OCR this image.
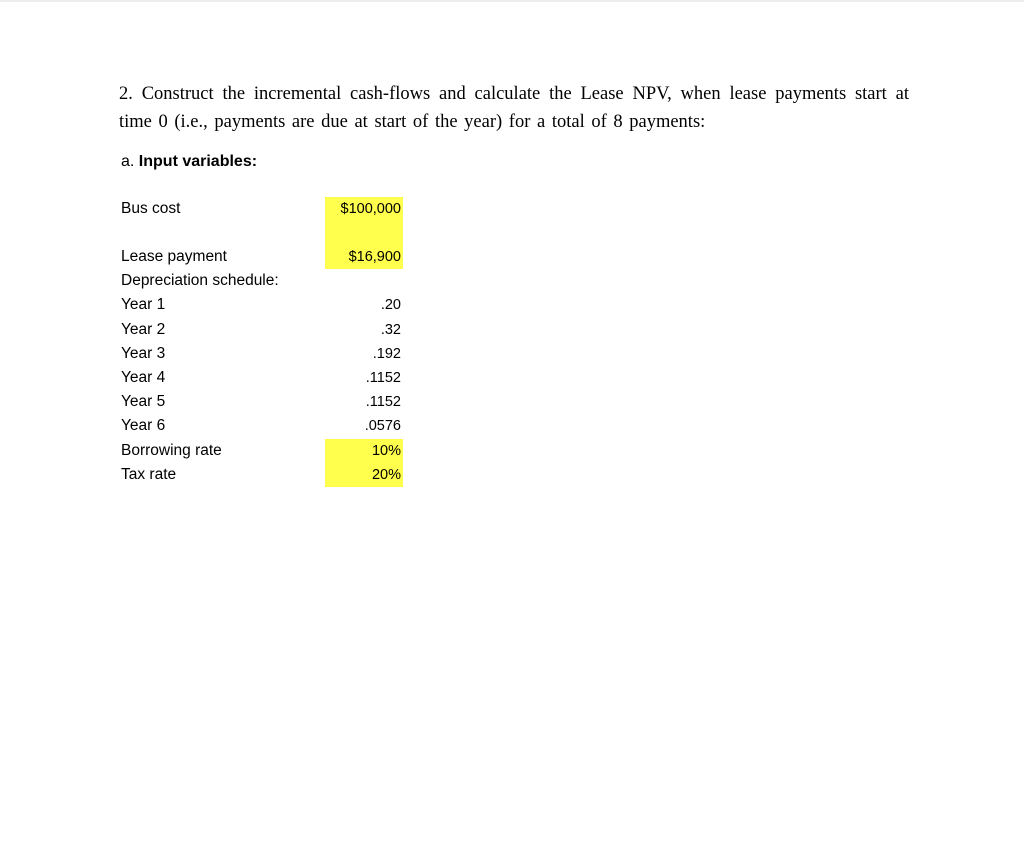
2. Construct the incremental cash-flows and calculate the Lease NPV, when lease payments start at time 0 (i.e., payments are due at start of the year) for a total of 8 payments:

a. Input variables:
Bus cost	$100,000
Lease payment	$16,900
Depreciation schedule:
Year 1	.20
Year 2	.32
Year 3	.192
Year 4	.1152
Year 5	.1152
Year 6	.0576
Borrowing rate	10%
Tax rate	20%
